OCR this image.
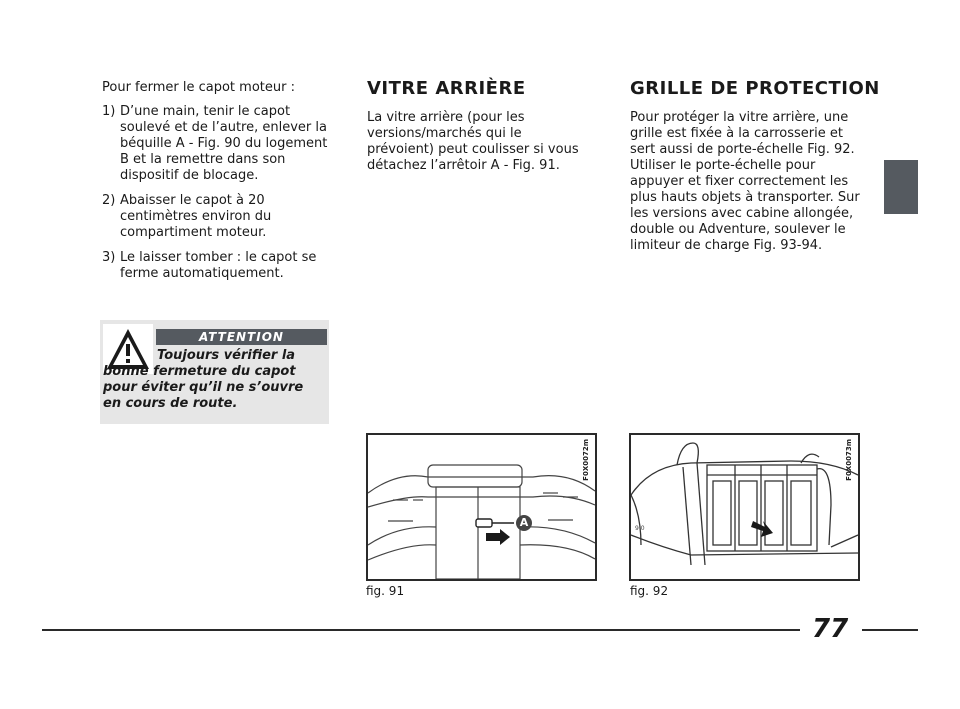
Pour fermer le capot moteur :

1) D’une main, tenir le capot soulevé et de l’autre, enlever la béquille A - Fig. 90 du logement B et la remettre dans son dispositif de blocage.
2) Abaisser le capot à 20 centimètres environ du compartiment moteur.
3) Le laisser tomber : le capot se ferme automatiquement.
ATTENTION
Toujours vérifier la bonne fermeture du capot pour éviter qu’il ne s’ouvre en cours de route.
VITRE ARRIÈRE

La vitre arrière (pour les versions/marchés qui le prévoient) peut coulisser si vous détachez l’arrêtoir A - Fig. 91.

GRILLE DE PROTECTION

Pour protéger la vitre arrière, une grille est fixée à la carrosserie et sert aussi de porte-échelle Fig. 92. Utiliser le porte-échelle pour appuyer et fixer correctement les plus hauts objets à transporter. Sur les versions avec cabine allongée, double ou Adventure, soulever le limiteur de charge Fig. 93-94.

A
F0X0072m
fig. 91
9 0
F0X0073m
fig. 92
77
